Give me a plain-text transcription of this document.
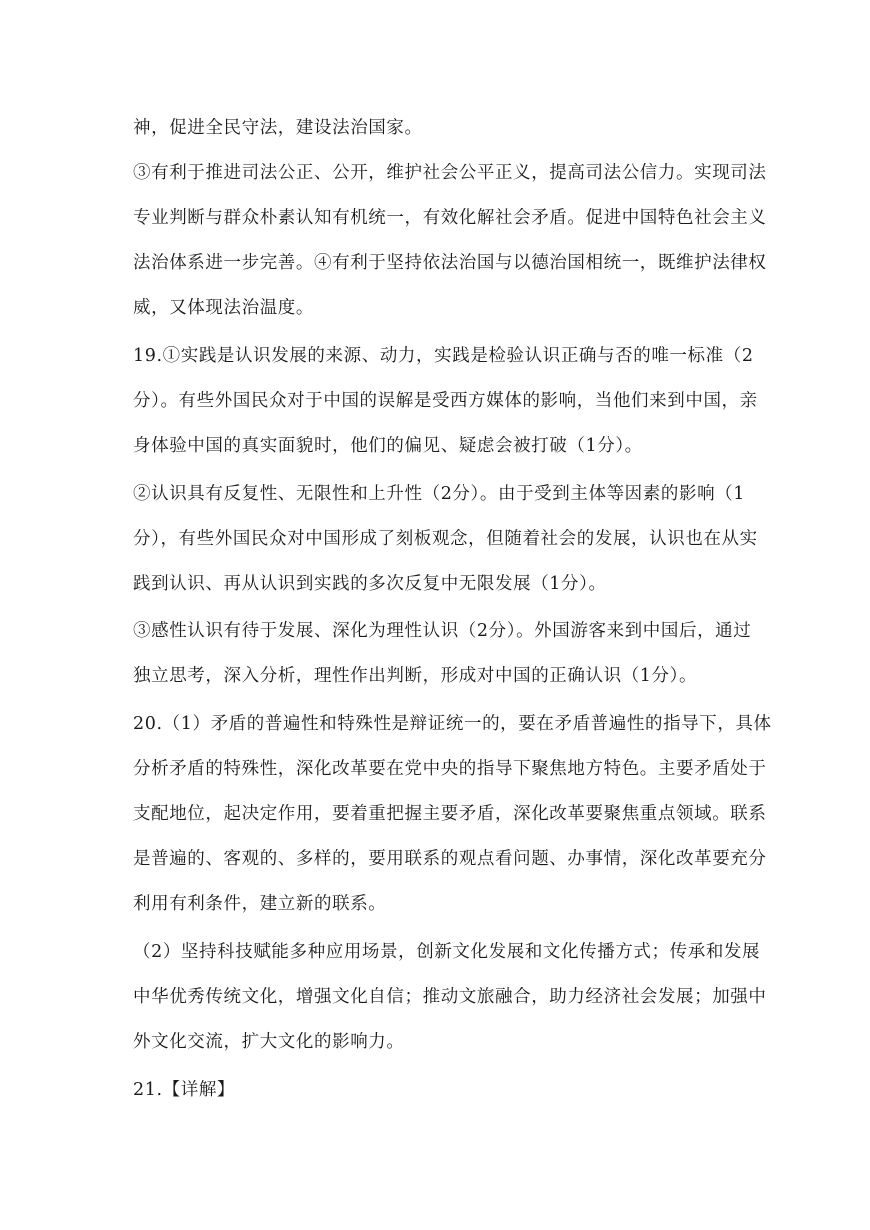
神，促进全民守法，建设法治国家。
③有利于推进司法公正、公开，维护社会公平正义，提高司法公信力。实现司法
专业判断与群众朴素认知有机统一，有效化解社会矛盾。促进中国特色社会主义
法治体系进一步完善。④有利于坚持依法治国与以德治国相统一，既维护法律权
威，又体现法治温度。
19.①实践是认识发展的来源、动力，实践是检验认识正确与否的唯一标准（2
分）。有些外国民众对于中国的误解是受西方媒体的影响，当他们来到中国，亲
身体验中国的真实面貌时，他们的偏见、疑虑会被打破（1分）。
②认识具有反复性、无限性和上升性（2分）。由于受到主体等因素的影响（1
分），有些外国民众对中国形成了刻板观念，但随着社会的发展，认识也在从实
践到认识、再从认识到实践的多次反复中无限发展（1分）。
③感性认识有待于发展、深化为理性认识（2分）。外国游客来到中国后，通过
独立思考，深入分析，理性作出判断，形成对中国的正确认识（1分）。
20.（1）矛盾的普遍性和特殊性是辩证统一的，要在矛盾普遍性的指导下，具体
分析矛盾的特殊性，深化改革要在党中央的指导下聚焦地方特色。主要矛盾处于
支配地位，起决定作用，要着重把握主要矛盾，深化改革要聚焦重点领域。联系
是普遍的、客观的、多样的，要用联系的观点看问题、办事情，深化改革要充分
利用有利条件，建立新的联系。
（2）坚持科技赋能多种应用场景，创新文化发展和文化传播方式；传承和发展
中华优秀传统文化，增强文化自信；推动文旅融合，助力经济社会发展；加强中
外文化交流，扩大文化的影响力。
21.【详解】
